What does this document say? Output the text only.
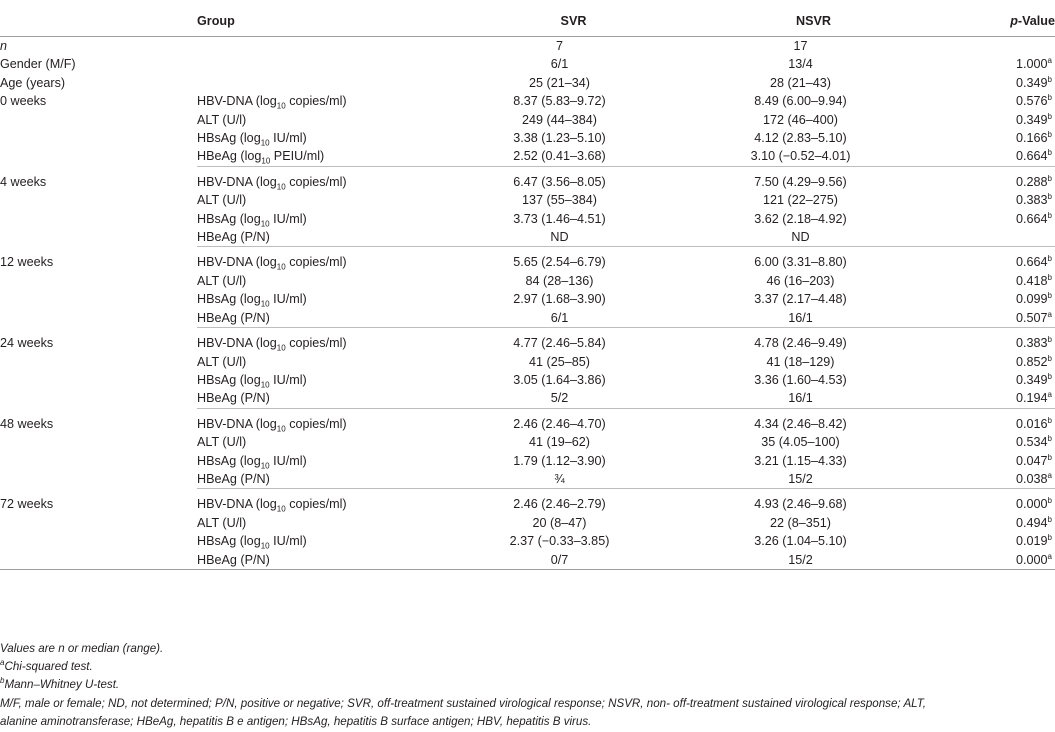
	Group	SVR	NSVR	p-Value
n		7	17	
Gender (M/F)		6/1	13/4	1.000$^a$
Age (years)		25 (21–34)	28 (21–43)	0.349$^b$
0 weeks	HBV-DNA ($\log_{10}$ copies/ml)	8.37 (5.83–9.72)	8.49 (6.00–9.94)	0.576$^b$
	ALT (U/l)	249 (44–384)	172 (46–400)	0.349$^b$
	HBsAg ($\log_{10}$ IU/ml)	3.38 (1.23–5.10)	4.12 (2.83–5.10)	0.166$^b$
	HBeAg ($\log_{10}$ PEIU/ml)	2.52 (0.41–3.68)	3.10 (−0.52–4.01)	0.664$^b$

4 weeks	HBV-DNA ($\log_{10}$ copies/ml)	6.47 (3.56–8.05)	7.50 (4.29–9.56)	0.288$^b$
	ALT (U/l)	137 (55–384)	121 (22–275)	0.383$^b$
	HBsAg ($\log_{10}$ IU/ml)	3.73 (1.46–4.51)	3.62 (2.18–4.92)	0.664$^b$
	HBeAg (P/N)	ND	ND	

12 weeks	HBV-DNA ($\log_{10}$ copies/ml)	5.65 (2.54–6.79)	6.00 (3.31–8.80)	0.664$^b$
	ALT (U/l)	84 (28–136)	46 (16–203)	0.418$^b$
	HBsAg ($\log_{10}$ IU/ml)	2.97 (1.68–3.90)	3.37 (2.17–4.48)	0.099$^b$
	HBeAg (P/N)	6/1	16/1	0.507$^a$

24 weeks	HBV-DNA ($\log_{10}$ copies/ml)	4.77 (2.46–5.84)	4.78 (2.46–9.49)	0.383$^b$
	ALT (U/l)	41 (25–85)	41 (18–129)	0.852$^b$
	HBsAg ($\log_{10}$ IU/ml)	3.05 (1.64–3.86)	3.36 (1.60–4.53)	0.349$^b$
	HBeAg (P/N)	5/2	16/1	0.194$^a$

48 weeks	HBV-DNA ($\log_{10}$ copies/ml)	2.46 (2.46–4.70)	4.34 (2.46–8.42)	0.016$^b$
	ALT (U/l)	41 (19–62)	35 (4.05–100)	0.534$^b$
	HBsAg ($\log_{10}$ IU/ml)	1.79 (1.12–3.90)	3.21 (1.15–4.33)	0.047$^b$
	HBeAg (P/N)	¾	15/2	0.038$^a$

72 weeks	HBV-DNA ($\log_{10}$ copies/ml)	2.46 (2.46–2.79)	4.93 (2.46–9.68)	0.000$^b$
	ALT (U/l)	20 (8–47)	22 (8–351)	0.494$^b$
	HBsAg ($\log_{10}$ IU/ml)	2.37 (−0.33–3.85)	3.26 (1.04–5.10)	0.019$^b$
	HBeAg (P/N)	0/7	15/2	0.000$^a$
Values are n or median (range).
$^a$Chi-squared test.
$^b$Mann–Whitney U-test.
M/F, male or female; ND, not determined; P/N, positive or negative; SVR, off-treatment sustained virological response; NSVR, non- off-treatment sustained virological response; ALT,
alanine aminotransferase; HBeAg, hepatitis B e antigen; HBsAg, hepatitis B surface antigen; HBV, hepatitis B virus.
